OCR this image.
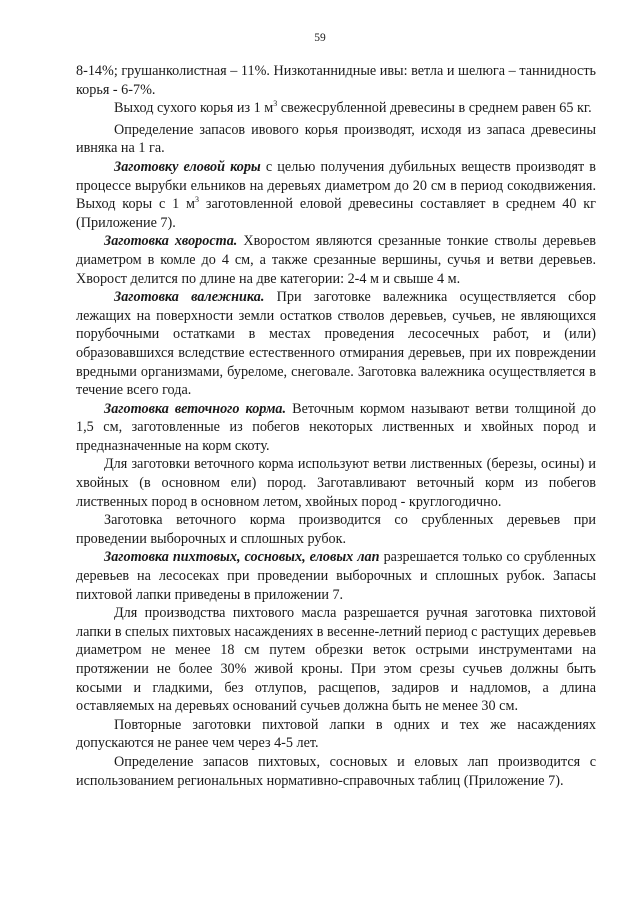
59

8-14%; грушанколистная – 11%. Низкотаннидные ивы: ветла и шелюга – таннидность корья - 6-7%.

Выход сухого корья из 1 $м^3$ свежесрубленной древесины в среднем равен 65 кг.

Определение запасов ивового корья производят, исходя из запаса древесины ивняка на 1 га.

Заготовку еловой коры с целью получения дубильных веществ производят в процессе вырубки ельников на деревьях диаметром до 20 см в период сокодвижения. Выход коры с 1 $м^3$ заготовленной еловой древесины составляет в среднем 40 кг (Приложение 7).

Заготовка хвороста. Хворостом являются срезанные тонкие стволы деревьев диаметром в комле до 4 см, а также срезанные вершины, сучья и ветви деревьев. Хворост делится по длине на две категории: 2-4 м и свыше 4 м.

Заготовка валежника. При заготовке валежника осуществляется сбор лежащих на поверхности земли остатков стволов деревьев, сучьев, не являющихся порубочными остатками в местах проведения лесосечных работ, и (или) образовавшихся вследствие естественного отмирания деревьев, при их повреждении вредными организмами, буреломе, снеговале. Заготовка валежника осуществляется в течение всего года.

Заготовка веточного корма. Веточным кормом называют ветви толщиной до 1,5 см, заготовленные из побегов некоторых лиственных и хвойных пород и предназначенные на корм скоту.

Для заготовки веточного корма используют ветви лиственных (березы, осины) и хвойных (в основном ели) пород. Заготавливают веточный корм из побегов лиственных пород в основном летом, хвойных пород - круглогодично.

Заготовка веточного корма производится со срубленных деревьев при проведении выборочных и сплошных рубок.

Заготовка пихтовых, сосновых, еловых лап разрешается только со срубленных деревьев на лесосеках при проведении выборочных и сплошных рубок. Запасы пихтовой лапки приведены в приложении 7.

Для производства пихтового масла разрешается ручная заготовка пихтовой лапки в спелых пихтовых насаждениях в весенне-летний период с растущих деревьев диаметром не менее 18 см путем обрезки веток острыми инструментами на протяжении не более 30% живой кроны. При этом срезы сучьев должны быть косыми и гладкими, без отлупов, расщепов, задиров и надломов, а длина оставляемых на деревьях оснований сучьев должна быть не менее 30 см.

Повторные заготовки пихтовой лапки в одних и тех же насаждениях допускаются не ранее чем через 4-5 лет.

Определение запасов пихтовых, сосновых и еловых лап производится с использованием региональных нормативно-справочных таблиц (Приложение 7).
